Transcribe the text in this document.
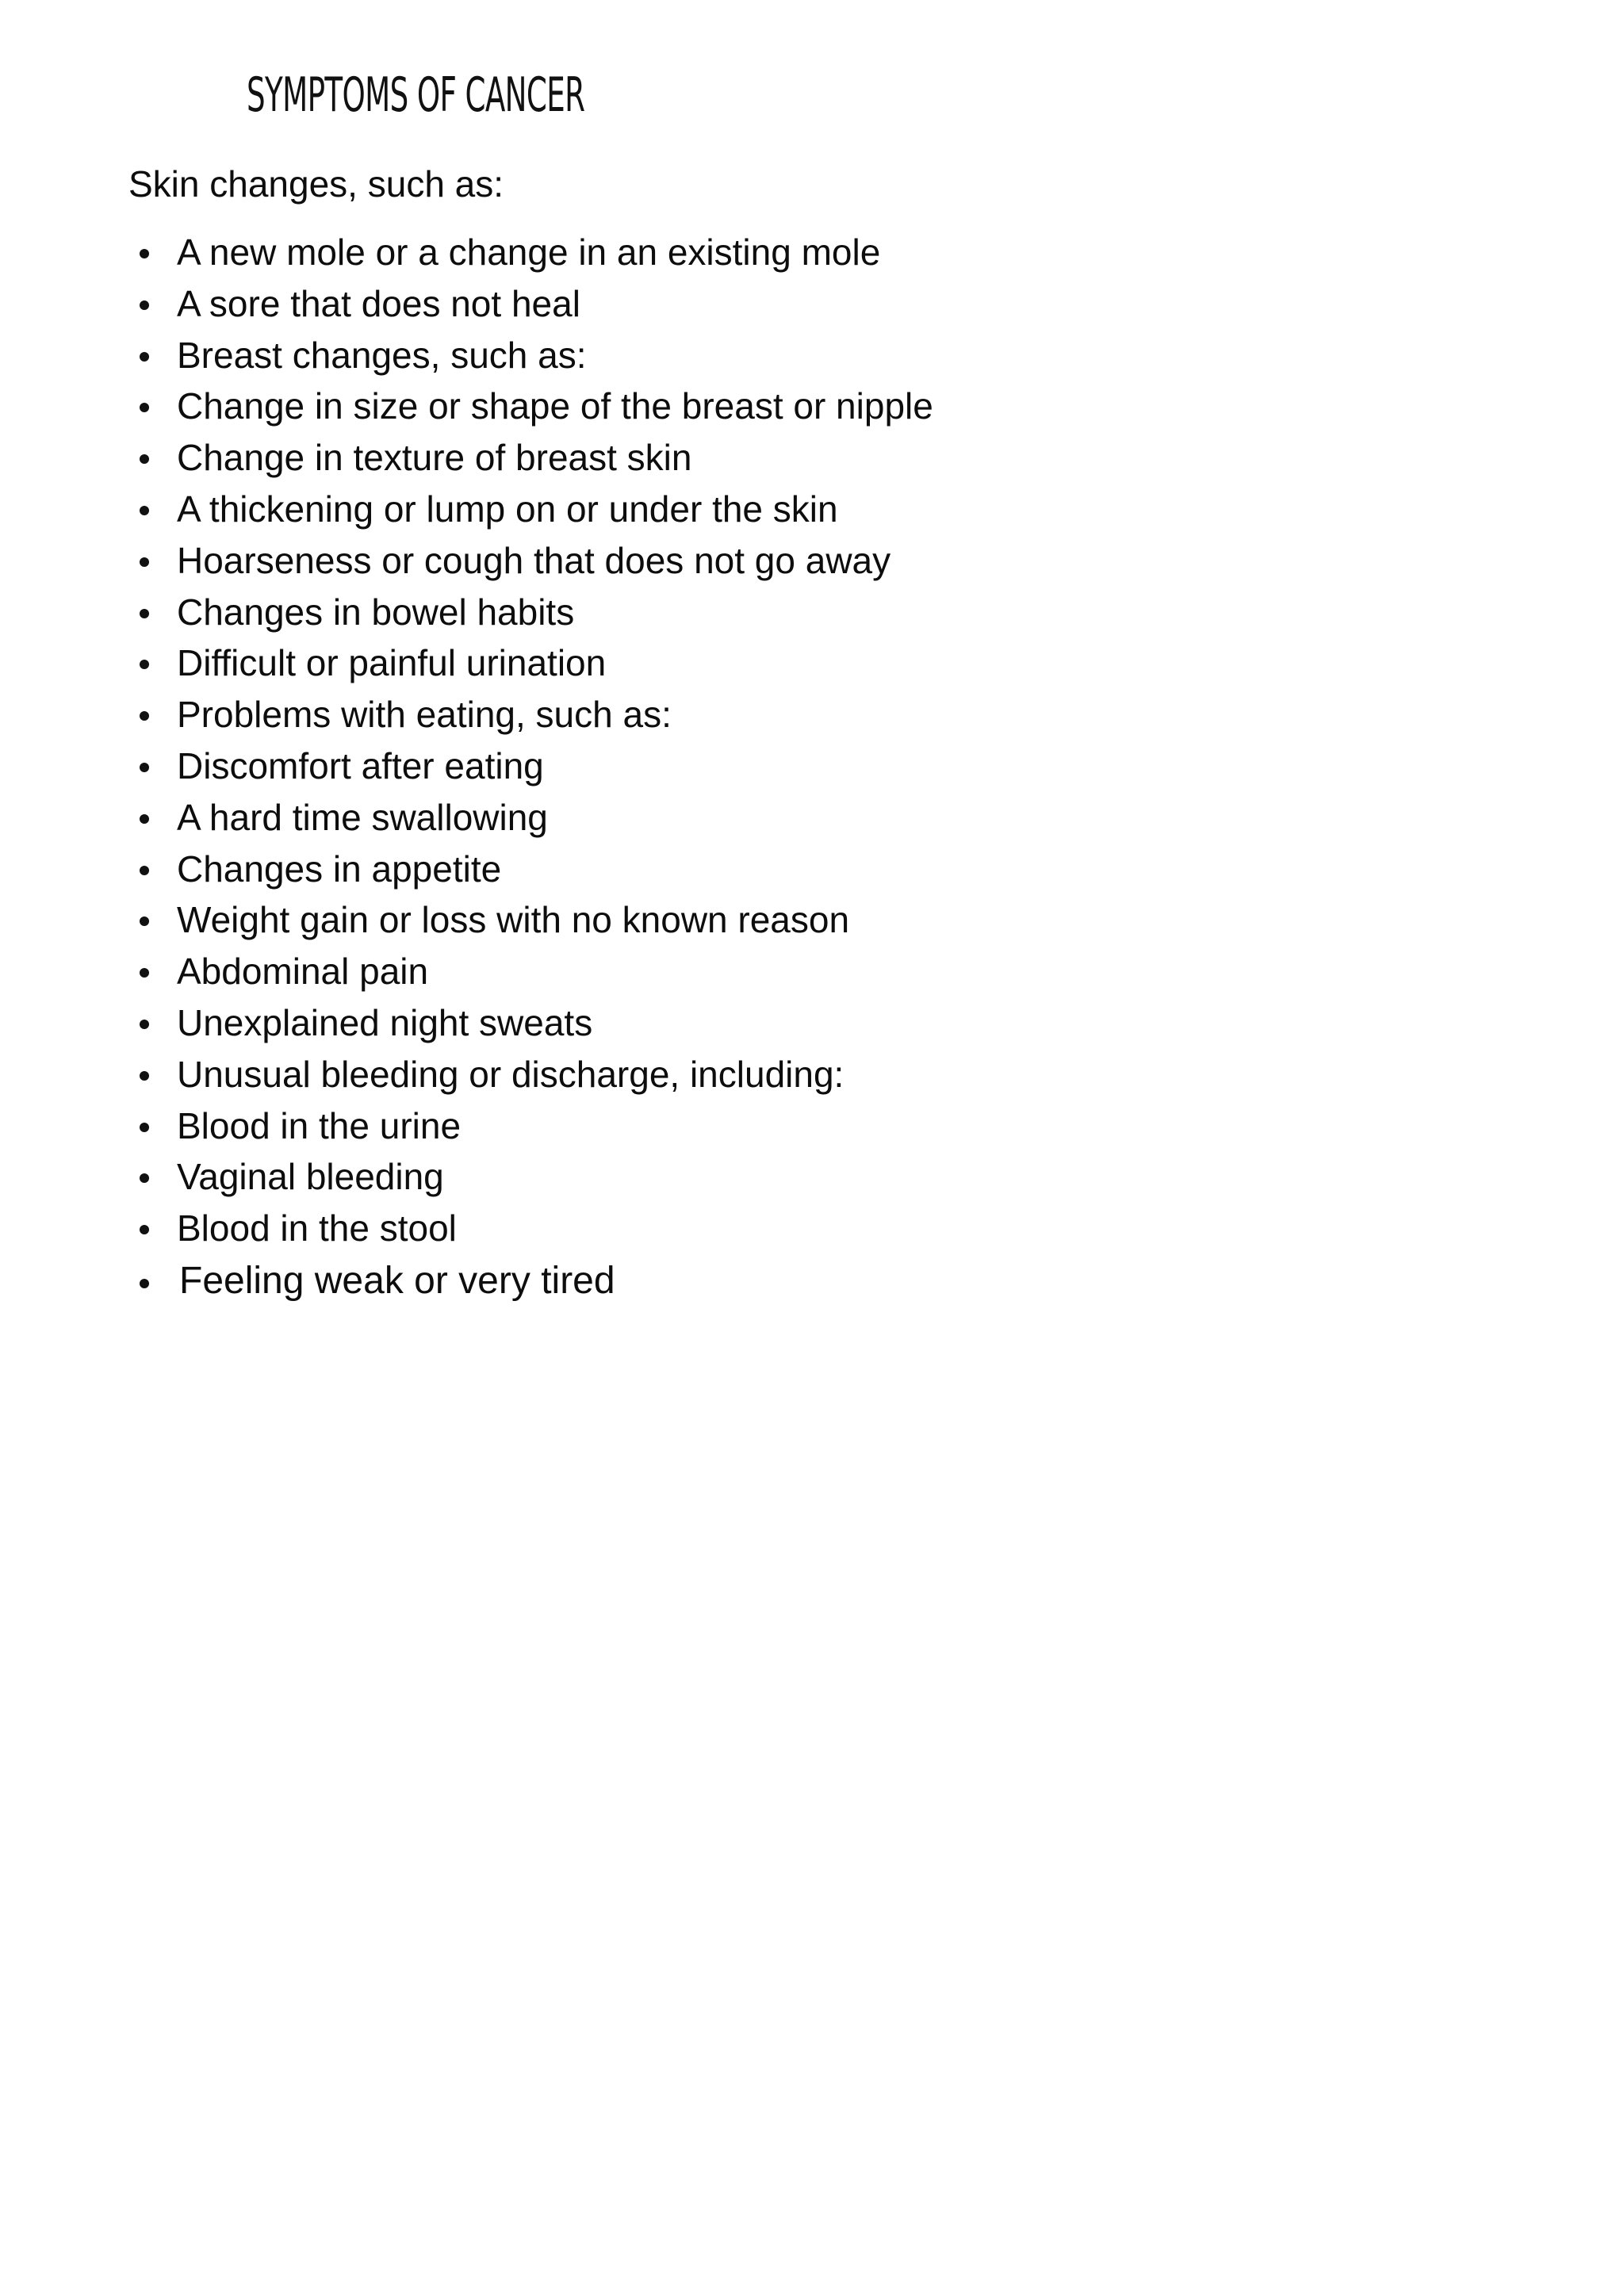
SYMPTOMS OF CANCER
Skin changes, such as:
A new mole or a change in an existing mole
A sore that does not heal
Breast changes, such as:
Change in size or shape of the breast or nipple
Change in texture of breast skin
A thickening or lump on or under the skin
Hoarseness or cough that does not go away
Changes in bowel habits
Difficult or painful urination
Problems with eating, such as:
Discomfort after eating
A hard time swallowing
Changes in appetite
Weight gain or loss with no known reason
Abdominal pain
Unexplained night sweats
Unusual bleeding or discharge, including:
Blood in the urine
Vaginal bleeding
Blood in the stool
Feeling weak or very tired
